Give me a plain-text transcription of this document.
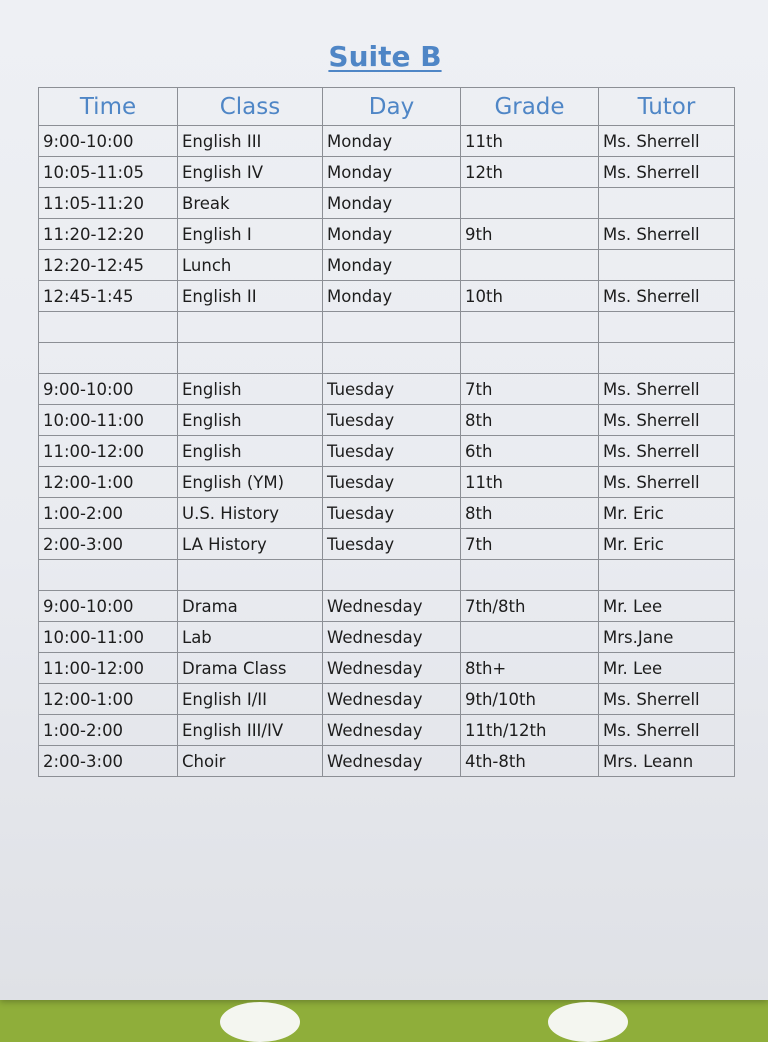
Suite B
Time	Class	Day	Grade	Tutor
9:00-10:00	English III	Monday	11th	Ms. Sherrell
10:05-11:05	English IV	Monday	12th	Ms. Sherrell
11:05-11:20	Break	Monday		
11:20-12:20	English I	Monday	9th	Ms. Sherrell
12:20-12:45	Lunch	Monday		
12:45-1:45	English II	Monday	10th	Ms. Sherrell

9:00-10:00	English	Tuesday	7th	Ms. Sherrell
10:00-11:00	English	Tuesday	8th	Ms. Sherrell
11:00-12:00	English	Tuesday	6th	Ms. Sherrell
12:00-1:00	English (YM)	Tuesday	11th	Ms. Sherrell
1:00-2:00	U.S. History	Tuesday	8th	Mr. Eric
2:00-3:00	LA History	Tuesday	7th	Mr. Eric

9:00-10:00	Drama	Wednesday	7th/8th	Mr. Lee
10:00-11:00	Lab	Wednesday		Mrs.Jane
11:00-12:00	Drama Class	Wednesday	8th+	Mr. Lee
12:00-1:00	English I/II	Wednesday	9th/10th	Ms. Sherrell
1:00-2:00	English III/IV	Wednesday	11th/12th	Ms. Sherrell
2:00-3:00	Choir	Wednesday	4th-8th	Mrs. Leann
